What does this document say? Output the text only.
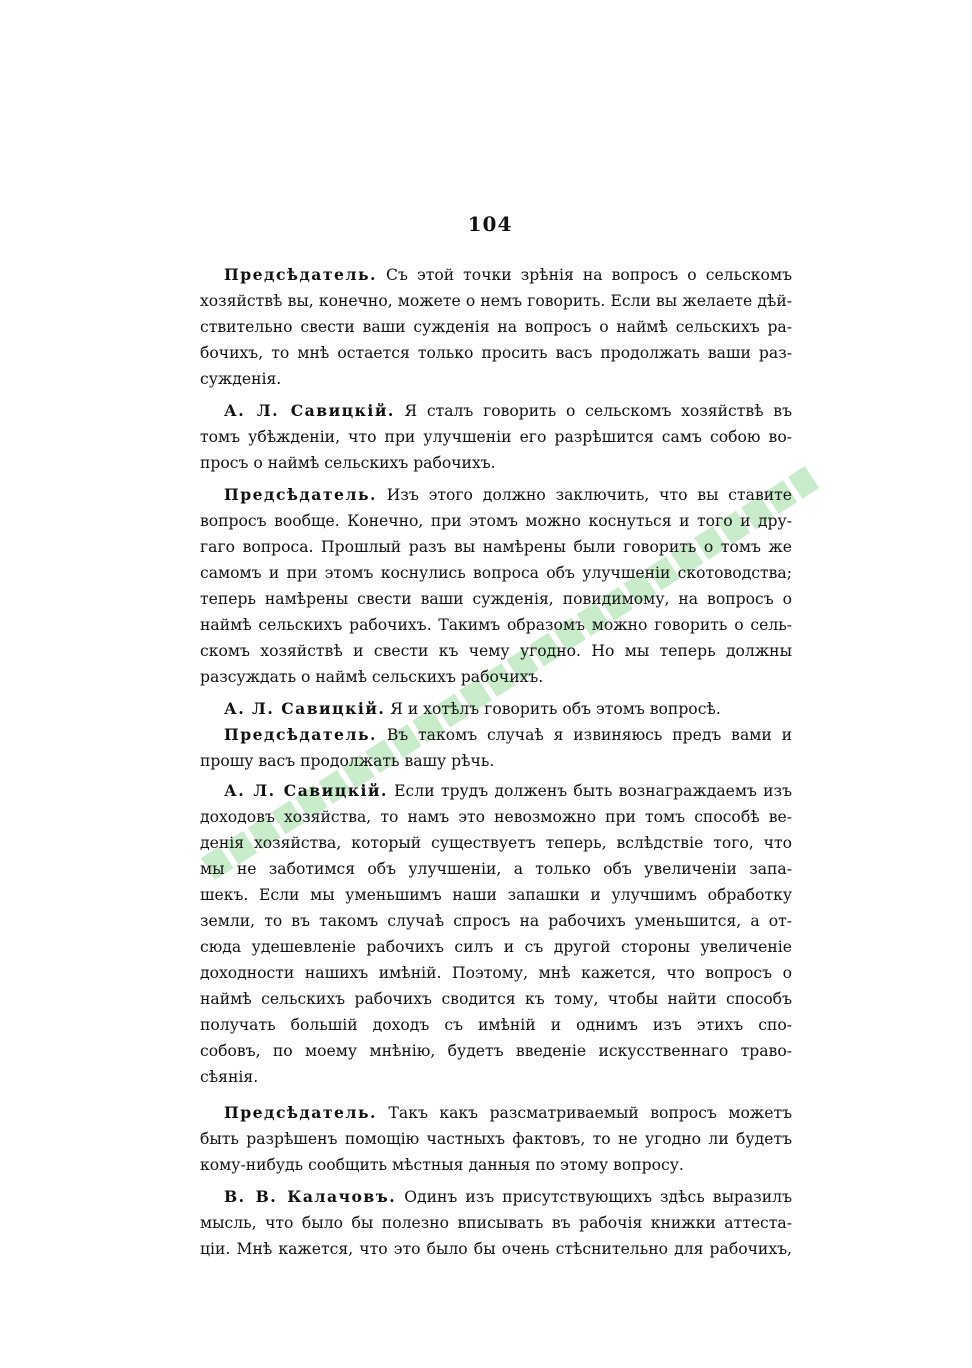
104
Предсѣдатель. Съ этой точки зрѣнія на вопросъ о сельскомъ
хозяйствѣ вы, конечно, можете о немъ говорить. Если вы желаете дѣй-
ствительно свести ваши сужденія на вопросъ о наймѣ сельскихъ ра-
бочихъ, то мнѣ остается только просить васъ продолжать ваши раз-
сужденія.
А. Л. Савицкій. Я сталъ говорить о сельскомъ хозяйствѣ въ
томъ убѣжденіи, что при улучшеніи его разрѣшится самъ собою во-
просъ о наймѣ сельскихъ рабочихъ.
Предсѣдатель. Изъ этого должно заключить, что вы ставите
вопросъ вообще. Конечно, при этомъ можно коснуться и того и дру-
гаго вопроса. Прошлый разъ вы намѣрены были говорить о томъ же
самомъ и при этомъ коснулись вопроса объ улучшеніи скотоводства;
теперь намѣрены свести ваши сужденія, повидимому, на вопросъ о
наймѣ сельскихъ рабочихъ. Такимъ образомъ можно говорить о сель-
скомъ хозяйствѣ и свести къ чему угодно. Но мы теперь должны
разсуждать о наймѣ сельскихъ рабочихъ.
А. Л. Савицкій. Я и хотѣлъ говорить объ этомъ вопросѣ.
Предсѣдатель. Въ такомъ случаѣ я извиняюсь предъ вами и
прошу васъ продолжать вашу рѣчь.
А. Л. Савицкій. Если трудъ долженъ быть вознаграждаемъ изъ
доходовъ хозяйства, то намъ это невозможно при томъ способѣ ве-
денія хозяйства, который существуетъ теперь, вслѣдствіе того, что
мы не заботимся объ улучшеніи, а только объ увеличеніи запа-
шекъ. Если мы уменьшимъ наши запашки и улучшимъ обработку
земли, то въ такомъ случаѣ спросъ на рабочихъ уменьшится, а от-
сюда удешевленіе рабочихъ силъ и съ другой стороны увеличеніе
доходности нашихъ имѣній. Поэтому, мнѣ кажется, что вопросъ о
наймѣ сельскихъ рабочихъ сводится къ тому, чтобы найти способъ
получать большій доходъ съ имѣній и однимъ изъ этихъ спо-
собовъ, по моему мнѣнію, будетъ введеніе искусственнаго траво-
сѣянія.
Предсѣдатель. Такъ какъ разсматриваемый вопросъ можетъ
быть разрѣшенъ помощію частныхъ фактовъ, то не угодно ли будетъ
кому-нибудь сообщить мѣстныя данныя по этому вопросу.
В. В. Калачовъ. Одинъ изъ присутствующихъ здѣсь выразилъ
мысль, что было бы полезно вписывать въ рабочія книжки аттеста-
ціи. Мнѣ кажется, что это было бы очень стѣснительно для рабочихъ,
